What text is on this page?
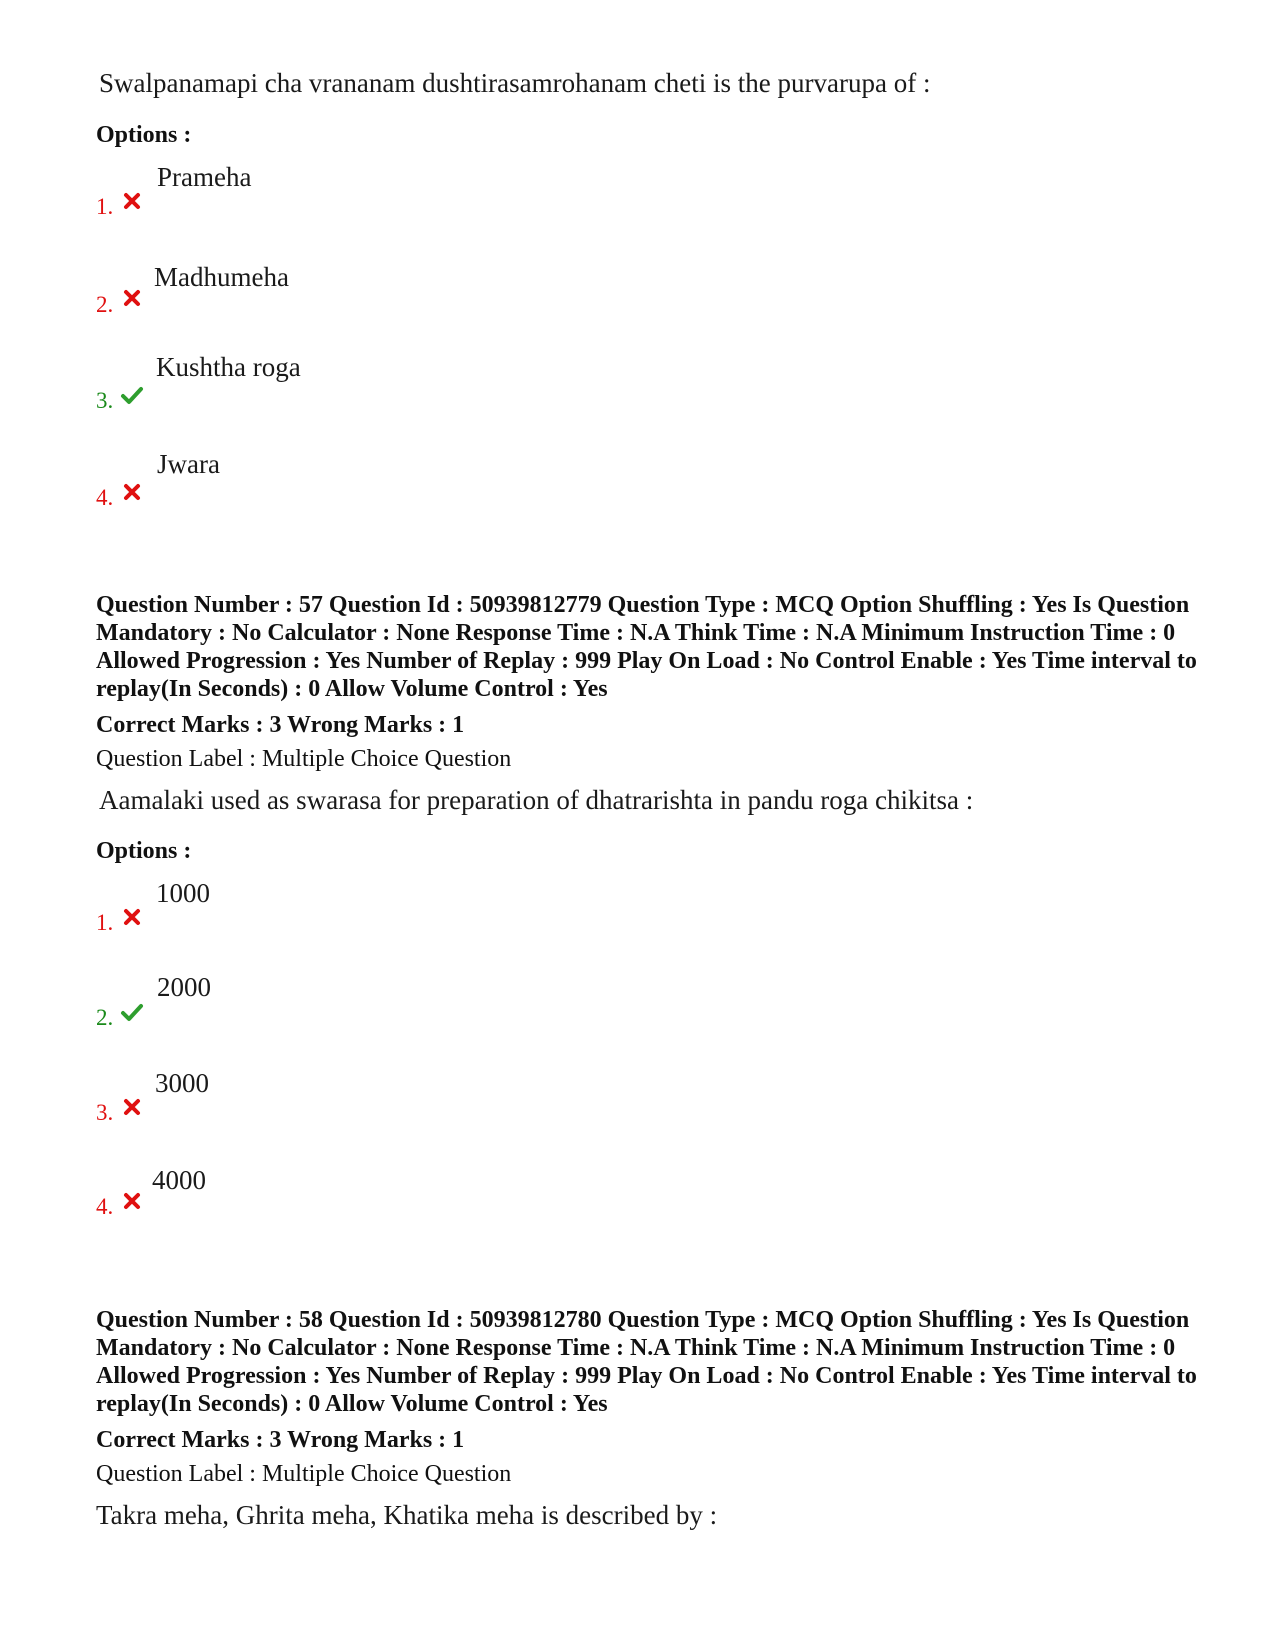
Swalpanamapi cha vrananam dushtirasamrohanam cheti is the purvarupa of :
Options :
1.
Prameha
2.
Madhumeha
3.
Kushtha roga
4.
Jwara
Question Number : 57 Question Id : 50939812779 Question Type : MCQ Option Shuffling : Yes Is Question Mandatory : No Calculator : None Response Time : N.A Think Time : N.A Minimum Instruction Time : 0 Allowed Progression : Yes Number of Replay : 999 Play On Load : No Control Enable : Yes Time interval to replay(In Seconds) : 0 Allow Volume Control : Yes
Correct Marks : 3 Wrong Marks : 1
Question Label : Multiple Choice Question
Aamalaki used as swarasa for preparation of dhatrarishta in pandu roga chikitsa :
Options :
1.
1000
2.
2000
3.
3000
4.
4000
Question Number : 58 Question Id : 50939812780 Question Type : MCQ Option Shuffling : Yes Is Question Mandatory : No Calculator : None Response Time : N.A Think Time : N.A Minimum Instruction Time : 0 Allowed Progression : Yes Number of Replay : 999 Play On Load : No Control Enable : Yes Time interval to replay(In Seconds) : 0 Allow Volume Control : Yes
Correct Marks : 3 Wrong Marks : 1
Question Label : Multiple Choice Question
Takra meha, Ghrita meha, Khatika meha is described by :
